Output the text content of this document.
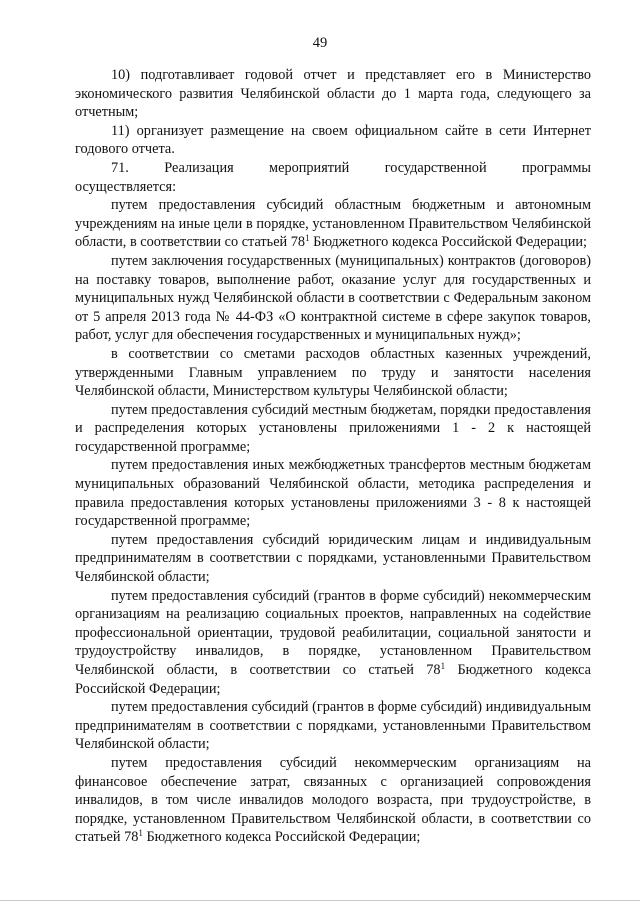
49

10) подготавливает годовой отчет и представляет его в Министерство экономического развития Челябинской области до 1 марта года, следующего за отчетным;

11) организует размещение на своем официальном сайте в сети Интернет годового отчета.

71. Реализация мероприятий государственной программы осуществляется:

путем предоставления субсидий областным бюджетным и автономным учреждениям на иные цели в порядке, установленном Правительством Челябинской области, в соответствии со статьей $78^1$ Бюджетного кодекса Российской Федерации;

путем заключения государственных (муниципальных) контрактов (договоров) на поставку товаров, выполнение работ, оказание услуг для государственных и муниципальных нужд Челябинской области в соответствии с Федеральным законом от 5 апреля 2013 года № 44-ФЗ «О контрактной системе в сфере закупок товаров, работ, услуг для обеспечения государственных и муниципальных нужд»;

в соответствии со сметами расходов областных казенных учреждений, утвержденными Главным управлением по труду и занятости населения Челябинской области, Министерством культуры Челябинской области;

путем предоставления субсидий местным бюджетам, порядки предоставления и распределения которых установлены приложениями 1 - 2 к настоящей государственной программе;

путем предоставления иных межбюджетных трансфертов местным бюджетам муниципальных образований Челябинской области, методика распределения и правила предоставления которых установлены приложениями 3 - 8 к настоящей государственной программе;

путем предоставления субсидий юридическим лицам и индивидуальным предпринимателям в соответствии с порядками, установленными Правительством Челябинской области;

путем предоставления субсидий (грантов в форме субсидий) некоммерческим организациям на реализацию социальных проектов, направленных на содействие профессиональной ориентации, трудовой реабилитации, социальной занятости и трудоустройству инвалидов, в порядке, установленном Правительством Челябинской области, в соответствии со статьей $78^1$ Бюджетного кодекса Российской Федерации;

путем предоставления субсидий (грантов в форме субсидий) индивидуальным предпринимателям в соответствии с порядками, установленными Правительством Челябинской области;

путем предоставления субсидий некоммерческим организациям на финансовое обеспечение затрат, связанных с организацией сопровождения инвалидов, в том числе инвалидов молодого возраста, при трудоустройстве, в порядке, установленном Правительством Челябинской области, в соответствии со статьей $78^1$ Бюджетного кодекса Российской Федерации;
